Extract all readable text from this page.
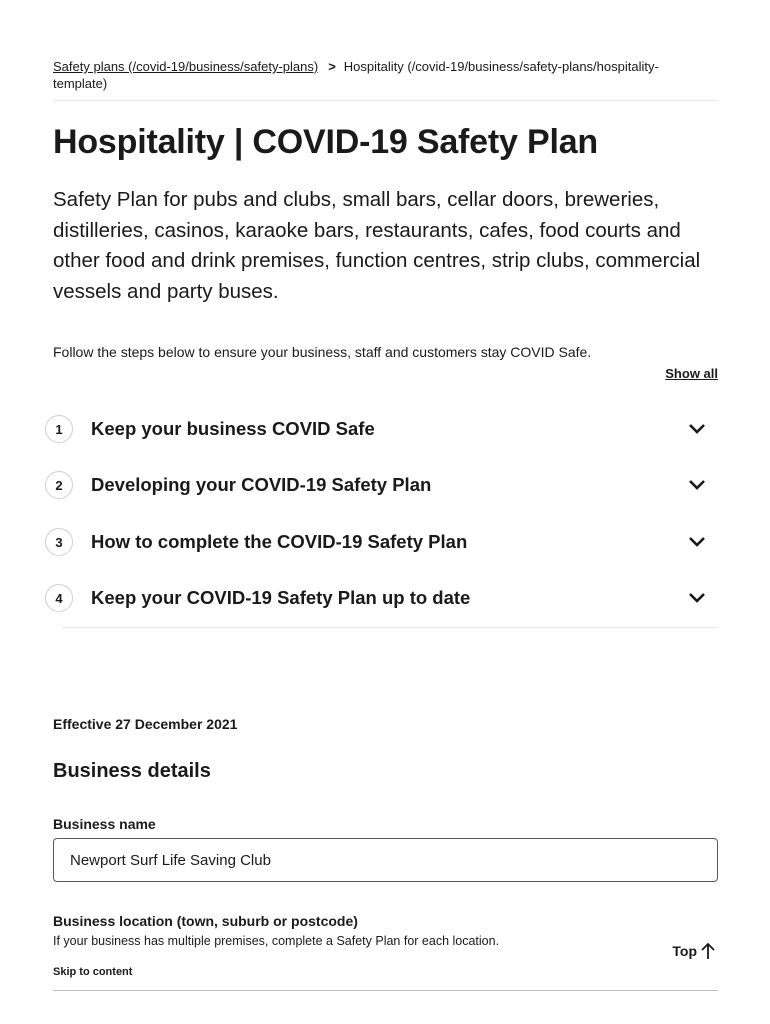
Safety plans (/covid-19/business/safety-plans) > Hospitality (/covid-19/business/safety-plans/hospitality-template)
Hospitality | COVID-19 Safety Plan

Safety Plan for pubs and clubs, small bars, cellar doors, breweries, distilleries, casinos, karaoke bars, restaurants, cafes, food courts and other food and drink premises, function centres, strip clubs, commercial vessels and party buses.

Follow the steps below to ensure your business, staff and customers stay COVID Safe.

Show all
1	Keep your business COVID Safe
2	Developing your COVID-19 Safety Plan
3	How to complete the COVID-19 Safety Plan
4	Keep your COVID-19 Safety Plan up to date

Effective 27 December 2021

Business details
Business name
Newport Surf Life Saving Club
Business location (town, suburb or postcode)

If your business has multiple premises, complete a Safety Plan for each location.

Skip to content
Top
